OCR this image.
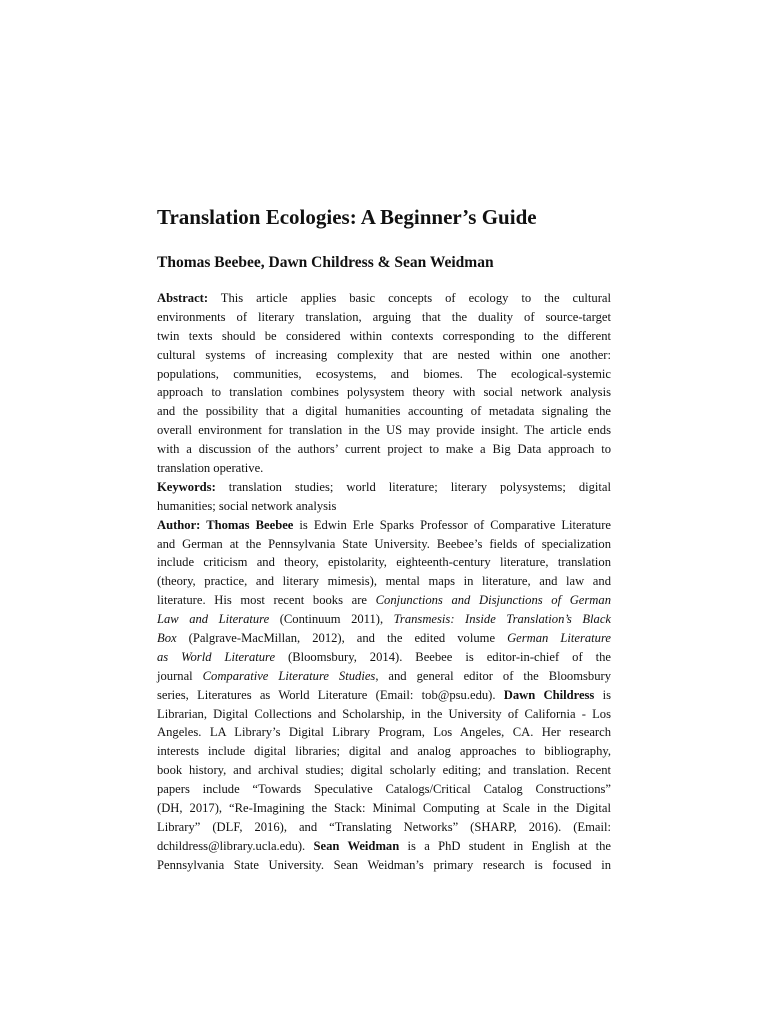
Translation Ecologies: A Beginner’s Guide
Thomas Beebee, Dawn Childress & Sean Weidman
Abstract: This article applies basic concepts of ecology to the cultural
environments of literary translation, arguing that the duality of source-target
twin texts should be considered within contexts corresponding to the different
cultural systems of increasing complexity that are nested within one another:
populations, communities, ecosystems, and biomes. The ecological-systemic
approach to translation combines polysystem theory with social network analysis
and the possibility that a digital humanities accounting of metadata signaling the
overall environment for translation in the US may provide insight. The article ends
with a discussion of the authors’ current project to make a Big Data approach to
translation operative.
Keywords: translation studies; world literature; literary polysystems; digital
humanities; social network analysis
Author: Thomas Beebee is Edwin Erle Sparks Professor of Comparative Literature
and German at the Pennsylvania State University. Beebee’s fields of specialization
include criticism and theory, epistolarity, eighteenth-century literature, translation
(theory, practice, and literary mimesis), mental maps in literature, and law and
literature. His most recent books are Conjunctions and Disjunctions of German
Law and Literature (Continuum 2011), Transmesis: Inside Translation’s Black
Box (Palgrave-MacMillan, 2012), and the edited volume German Literature
as World Literature (Bloomsbury, 2014). Beebee is editor-in-chief of the
journal Comparative Literature Studies, and general editor of the Bloomsbury
series, Literatures as World Literature (Email: tob@psu.edu). Dawn Childress is
Librarian, Digital Collections and Scholarship, in the University of California - Los
Angeles. LA Library’s Digital Library Program, Los Angeles, CA. Her research
interests include digital libraries; digital and analog approaches to bibliography,
book history, and archival studies; digital scholarly editing; and translation. Recent
papers include “Towards Speculative Catalogs/Critical Catalog Constructions”
(DH, 2017), “Re-Imagining the Stack: Minimal Computing at Scale in the Digital
Library” (DLF, 2016), and “Translating Networks” (SHARP, 2016). (Email:
dchildress@library.ucla.edu). Sean Weidman is a PhD student in English at the
Pennsylvania State University. Sean Weidman’s primary research is focused in
